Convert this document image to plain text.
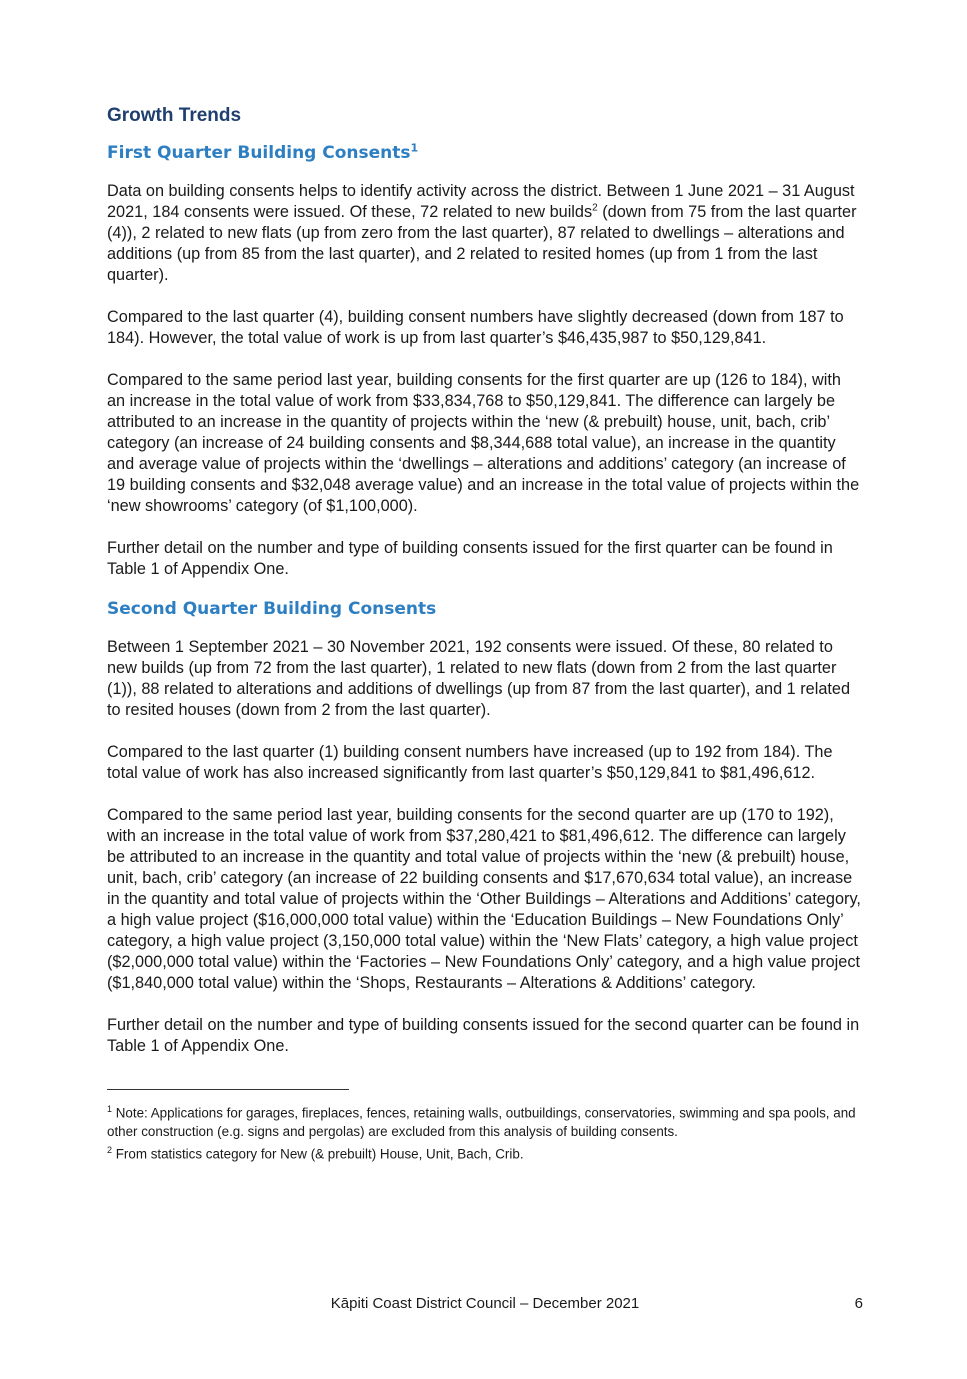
Growth Trends
First Quarter Building Consents$^1$

Data on building consents helps to identify activity across the district. Between 1 June 2021 – 31 August 2021, 184 consents were issued. Of these, 72 related to new builds$^2$ (down from 75 from the last quarter (4)), 2 related to new flats (up from zero from the last quarter), 87 related to dwellings – alterations and additions (up from 85 from the last quarter), and 2 related to resited homes (up from 1 from the last quarter).

Compared to the last quarter (4), building consent numbers have slightly decreased (down from 187 to 184). However, the total value of work is up from last quarter’s $46,435,987 to $50,129,841.

Compared to the same period last year, building consents for the first quarter are up (126 to 184), with an increase in the total value of work from $33,834,768 to $50,129,841. The difference can largely be attributed to an increase in the quantity of projects within the ‘new (& prebuilt) house, unit, bach, crib’ category (an increase of 24 building consents and $8,344,688 total value), an increase in the quantity and average value of projects within the ‘dwellings – alterations and additions’ category (an increase of 19 building consents and $32,048 average value) and an increase in the total value of projects within the ‘new showrooms’ category (of $1,100,000).

Further detail on the number and type of building consents issued for the first quarter can be found in Table 1 of Appendix One.

Second Quarter Building Consents

Between 1 September 2021 – 30 November 2021, 192 consents were issued. Of these, 80 related to new builds (up from 72 from the last quarter), 1 related to new flats (down from 2 from the last quarter (1)), 88 related to alterations and additions of dwellings (up from 87 from the last quarter), and 1 related to resited houses (down from 2 from the last quarter).

Compared to the last quarter (1) building consent numbers have increased (up to 192 from 184). The total value of work has also increased significantly from last quarter’s $50,129,841 to $81,496,612.

Compared to the same period last year, building consents for the second quarter are up (170 to 192), with an increase in the total value of work from $37,280,421 to $81,496,612. The difference can largely be attributed to an increase in the quantity and total value of projects within the ‘new (& prebuilt) house, unit, bach, crib’ category (an increase of 22 building consents and $17,670,634 total value), an increase in the quantity and total value of projects within the ‘Other Buildings – Alterations and Additions’ category, a high value project ($16,000,000 total value) within the ‘Education Buildings – New Foundations Only’ category, a high value project (3,150,000 total value) within the ‘New Flats’ category, a high value project ($2,000,000 total value) within the ‘Factories – New Foundations Only’ category, and a high value project ($1,840,000 total value) within the ‘Shops, Restaurants – Alterations & Additions’ category.

Further detail on the number and type of building consents issued for the second quarter can be found in Table 1 of Appendix One.

$^1$ Note: Applications for garages, fireplaces, fences, retaining walls, outbuildings, conservatories, swimming and spa pools, and other construction (e.g. signs and pergolas) are excluded from this analysis of building consents.

$^2$ From statistics category for New (& prebuilt) House, Unit, Bach, Crib.

Kāpiti Coast District Council – December 2021	6
